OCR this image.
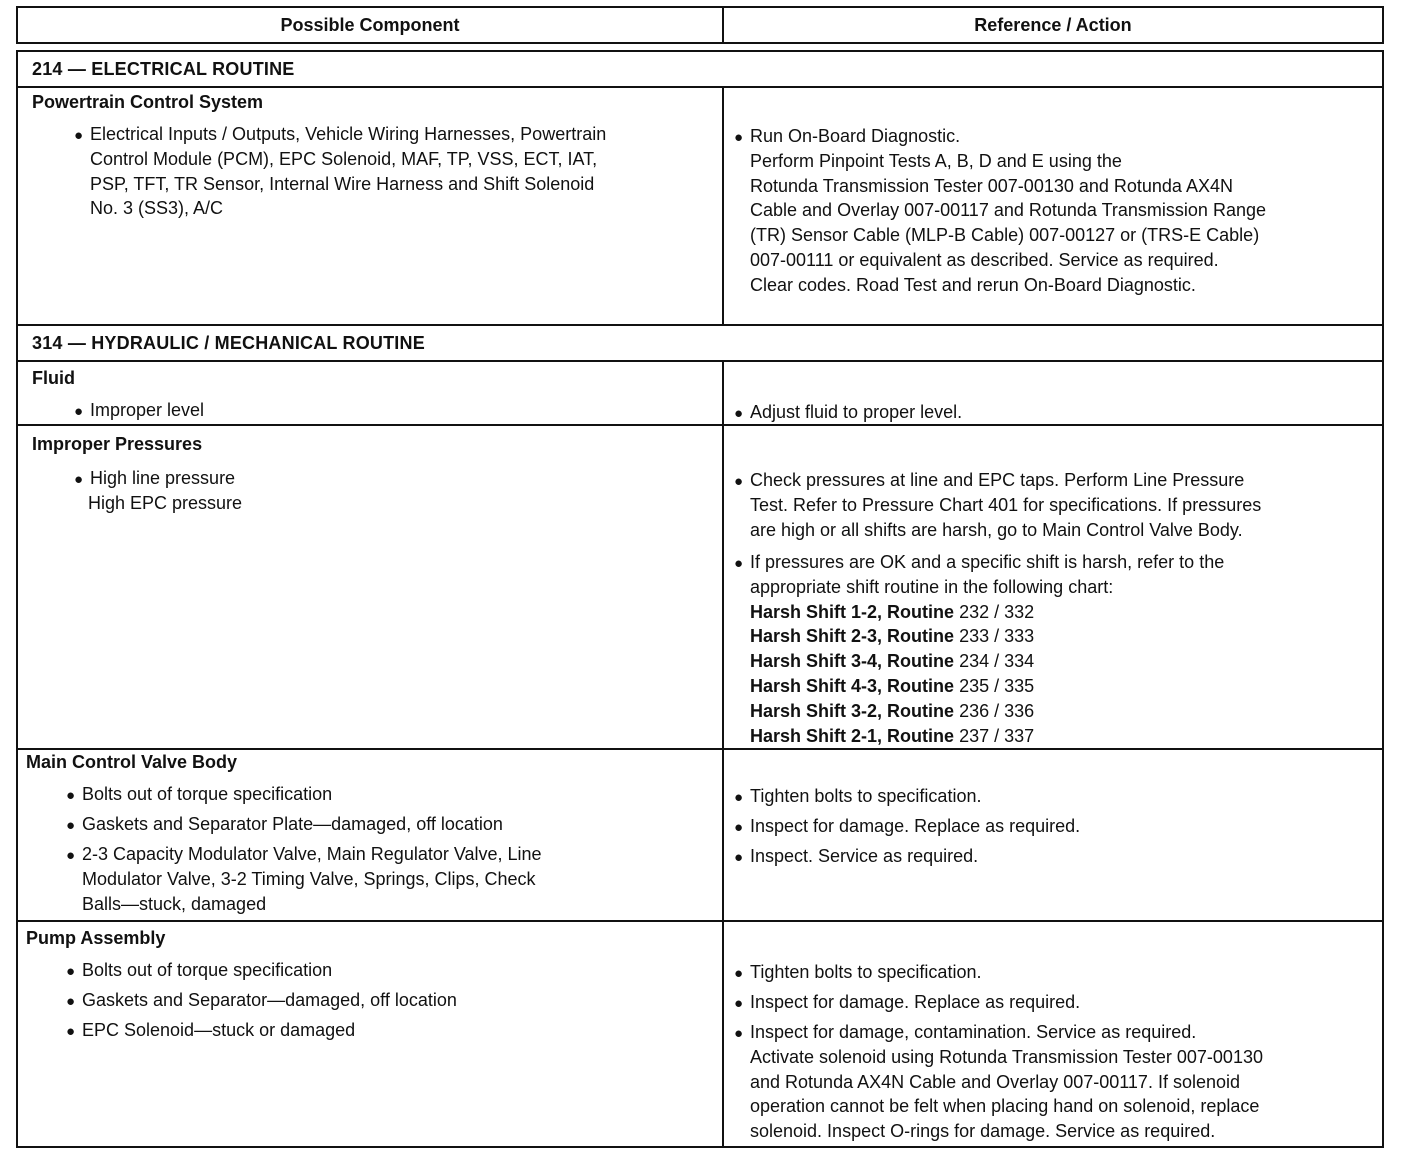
Possible Component	Reference / Action
214 — ELECTRICAL ROUTINE
Powertrain Control System
● Electrical Inputs / Outputs, Vehicle Wiring Harnesses, Powertrain
Control Module (PCM), EPC Solenoid, MAF, TP, VSS, ECT, IAT,
PSP, TFT, TR Sensor, Internal Wire Harness and Shift Solenoid
No. 3 (SS3), A/C
● Run On-Board Diagnostic.
Perform Pinpoint Tests A, B, D and E using the
Rotunda Transmission Tester 007-00130 and Rotunda AX4N
Cable and Overlay 007-00117 and Rotunda Transmission Range
(TR) Sensor Cable (MLP-B Cable) 007-00127 or (TRS-E Cable)
007-00111 or equivalent as described. Service as required.
Clear codes. Road Test and rerun On-Board Diagnostic.
314 — HYDRAULIC / MECHANICAL ROUTINE
Fluid
● Improper level	● Adjust fluid to proper level.
Improper Pressures
● High line pressure
High EPC pressure
● Check pressures at line and EPC taps. Perform Line Pressure
Test. Refer to Pressure Chart 401 for specifications. If pressures
are high or all shifts are harsh, go to Main Control Valve Body.
● If pressures are OK and a specific shift is harsh, refer to the
appropriate shift routine in the following chart:
Harsh Shift 1-2, Routine 232 / 332
Harsh Shift 2-3, Routine 233 / 333
Harsh Shift 3-4, Routine 234 / 334
Harsh Shift 4-3, Routine 235 / 335
Harsh Shift 3-2, Routine 236 / 336
Harsh Shift 2-1, Routine 237 / 337
Main Control Valve Body
● Bolts out of torque specification
● Gaskets and Separator Plate—damaged, off location
● 2-3 Capacity Modulator Valve, Main Regulator Valve, Line
Modulator Valve, 3-2 Timing Valve, Springs, Clips, Check
Balls—stuck, damaged
● Tighten bolts to specification.
● Inspect for damage. Replace as required.
● Inspect. Service as required.
Pump Assembly
● Bolts out of torque specification
● Gaskets and Separator—damaged, off location
● EPC Solenoid—stuck or damaged
● Tighten bolts to specification.
● Inspect for damage. Replace as required.
● Inspect for damage, contamination. Service as required.
Activate solenoid using Rotunda Transmission Tester 007-00130
and Rotunda AX4N Cable and Overlay 007-00117. If solenoid
operation cannot be felt when placing hand on solenoid, replace
solenoid. Inspect O-rings for damage. Service as required.
